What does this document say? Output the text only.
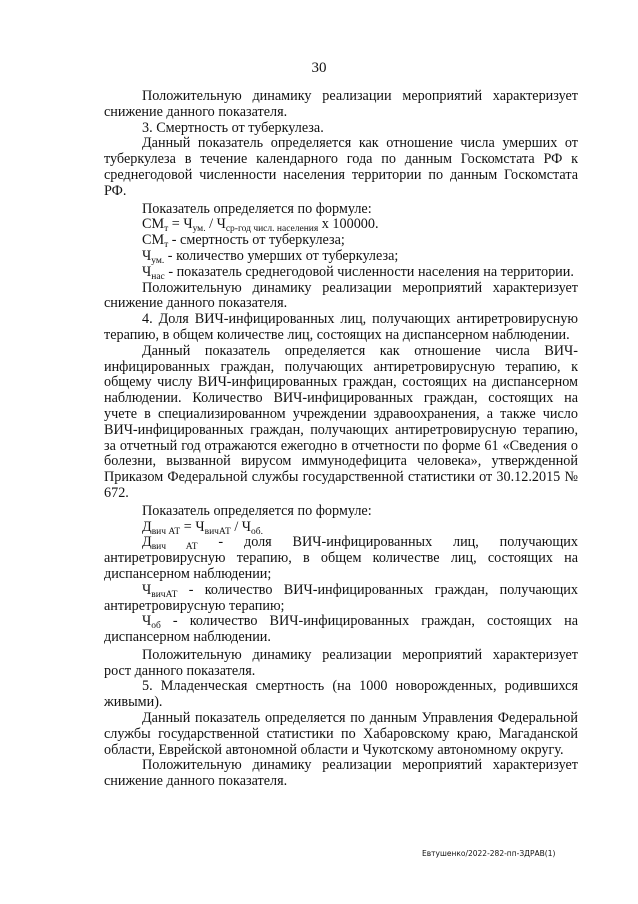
30
Положительную динамику реализации мероприятий характеризует
снижение данного показателя.
3. Смертность от туберкулеза.
Данный показатель определяется как отношение числа умерших от
туберкулеза в течение календарного года по данным Госкомстата РФ к
среднегодовой численности населения территории по данным Госкомстата
РФ.
Показатель определяется по формуле:
$СМ_т = Ч_{ум.} / Ч_{ср-год числ. населения}$ x 100000.
$СМ_т$ - смертность от туберкулеза;
$Ч_{ум.}$ - количество умерших от туберкулеза;
$Ч_{нас}$ - показатель среднегодовой численности населения на территории.
Положительную динамику реализации мероприятий характеризует
снижение данного показателя.
4. Доля ВИЧ-инфицированных лиц, получающих антиретровирусную
терапию, в общем количестве лиц, состоящих на диспансерном наблюдении.
Данный показатель определяется как отношение числа ВИЧ-
инфицированных граждан, получающих антиретровирусную терапию, к
общему числу ВИЧ-инфицированных граждан, состоящих на диспансерном
наблюдении. Количество ВИЧ-инфицированных граждан, состоящих на
учете в специализированном учреждении здравоохранения, а также число
ВИЧ-инфицированных граждан, получающих антиретровирусную терапию,
за отчетный год отражаются ежегодно в отчетности по форме 61 «Сведения о
болезни, вызванной вирусом иммунодефицита человека», утвержденной
Приказом Федеральной службы государственной статистики от 30.12.2015 №
672.
Показатель определяется по формуле:
$Д_{вич АТ} = Ч_{вичАТ} / Ч_{об.}$
$Д_{вич АТ}$ - доля ВИЧ-инфицированных лиц, получающих
антиретровирусную терапию, в общем количестве лиц, состоящих на
диспансерном наблюдении;
$Ч_{вичАТ}$ - количество ВИЧ-инфицированных граждан, получающих
антиретровирусную терапию;
$Ч_{об}$ - количество ВИЧ-инфицированных граждан, состоящих на
диспансерном наблюдении.
Положительную динамику реализации мероприятий характеризует
рост данного показателя.
5. Младенческая смертность (на 1000 новорожденных, родившихся
живыми).
Данный показатель определяется по данным Управления Федеральной
службы государственной статистики по Хабаровскому краю, Магаданской
области, Еврейской автономной области и Чукотскому автономному округу.
Положительную динамику реализации мероприятий характеризует
снижение данного показателя.
Евтушенко/2022-282-пп-ЗДРАВ(1)
